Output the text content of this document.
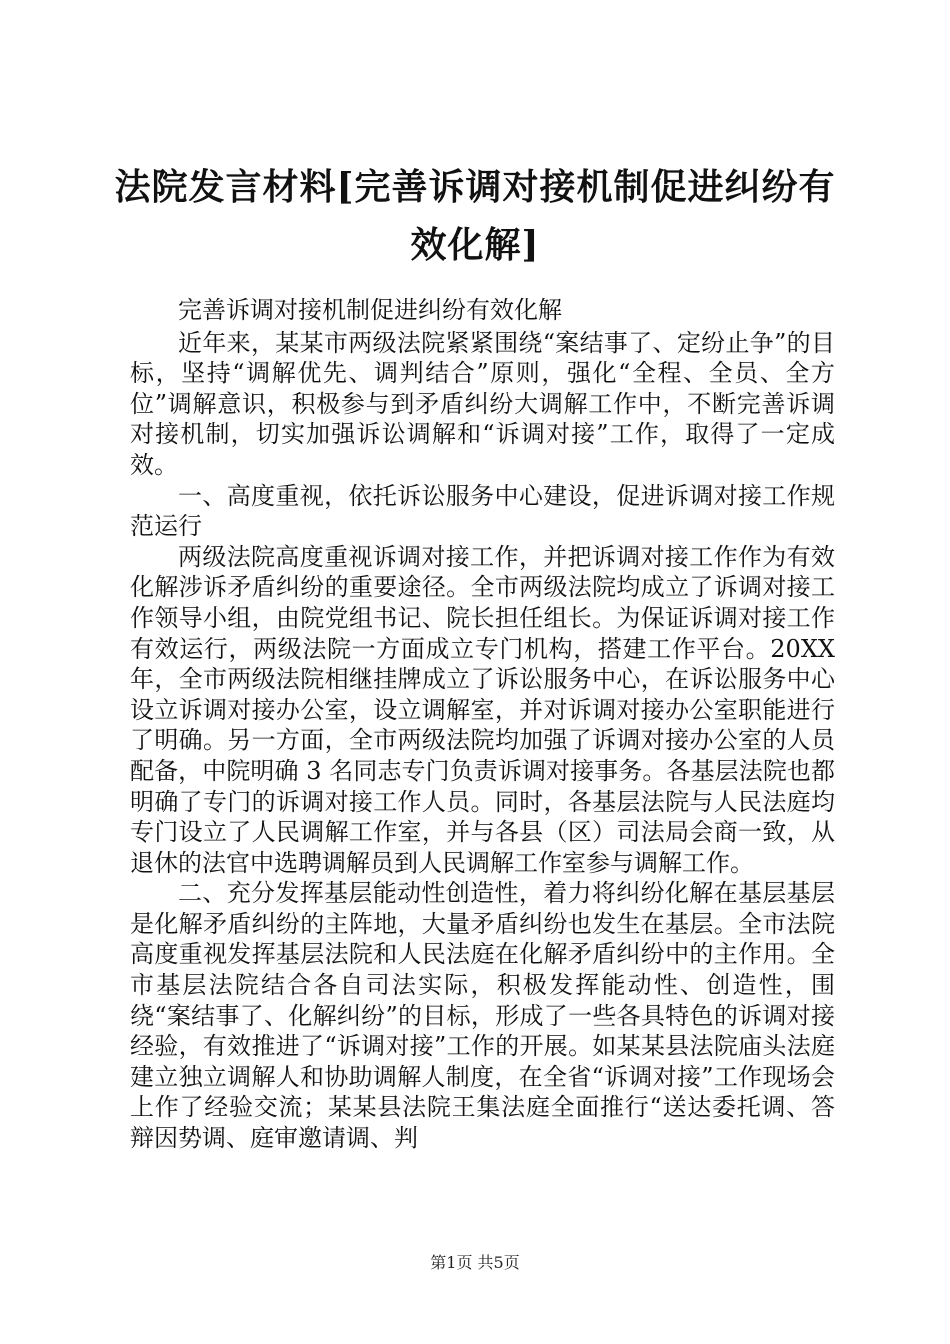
法院发言材料[完善诉调对接机制促进纠纷有效化解]

完善诉调对接机制促进纠纷有效化解

近年来，某某市两级法院紧紧围绕“案结事了、定纷止争”的目标，坚持“调解优先、调判结合”原则，强化“全程、全员、全方位”调解意识，积极参与到矛盾纠纷大调解工作中，不断完善诉调对接机制，切实加强诉讼调解和“诉调对接”工作，取得了一定成效。

一、高度重视，依托诉讼服务中心建设，促进诉调对接工作规范运行

两级法院高度重视诉调对接工作，并把诉调对接工作作为有效化解涉诉矛盾纠纷的重要途径。全市两级法院均成立了诉调对接工作领导小组，由院党组书记、院长担任组长。为保证诉调对接工作有效运行，两级法院一方面成立专门机构，搭建工作平台。20XX 年，全市两级法院相继挂牌成立了诉讼服务中心，在诉讼服务中心设立诉调对接办公室，设立调解室，并对诉调对接办公室职能进行了明确。另一方面，全市两级法院均加强了诉调对接办公室的人员配备，中院明确 3 名同志专门负责诉调对接事务。各基层法院也都明确了专门的诉调对接工作人员。同时，各基层法院与人民法庭均专门设立了人民调解工作室，并与各县（区）司法局会商一致，从退休的法官中选聘调解员到人民调解工作室参与调解工作。

二、充分发挥基层能动性创造性，着力将纠纷化解在基层基层是化解矛盾纠纷的主阵地，大量矛盾纠纷也发生在基层。全市法院高度重视发挥基层法院和人民法庭在化解矛盾纠纷中的主作用。全市基层法院结合各自司法实际，积极发挥能动性、创造性，围绕“案结事了、化解纠纷”的目标，形成了一些各具特色的诉调对接经验，有效推进了“诉调对接”工作的开展。如某某县法院庙头法庭建立独立调解人和协助调解人制度，在全省“诉调对接”工作现场会上作了经验交流；某某县法院王集法庭全面推行“送达委托调、答辩因势调、庭审邀请调、判

第1页 共5页
